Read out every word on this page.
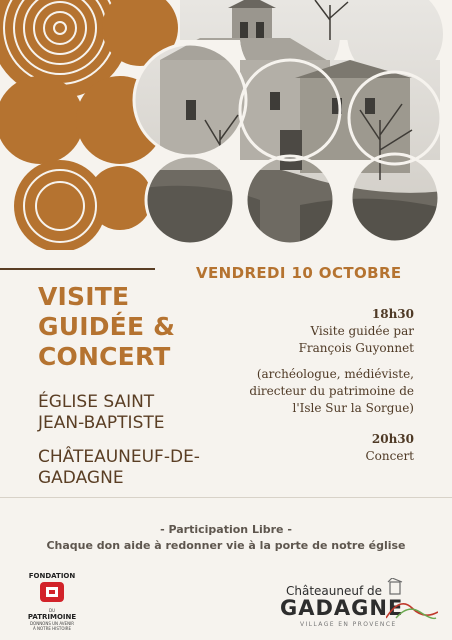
VENDREDI 10 OCTOBRE
VISITE
GUIDÉE &
CONCERT
ÉGLISE SAINT
JEAN-BAPTISTE
CHÂTEAUNEUF-DE-
GADAGNE
18h30
Visite guidée par
François Guyonnet
(archéologue, médiéviste,
directeur du patrimoine de
l'Isle Sur la Sorgue)
20h30
Concert
- Participation Libre -
Chaque don aide à redonner vie à la porte de notre église
FONDATION
DU
PATRIMOINE
DONNONS UN AVENIR
À NOTRE HISTOIRE
Châteauneuf de
GADAGNE
VILLAGE EN PROVENCE
